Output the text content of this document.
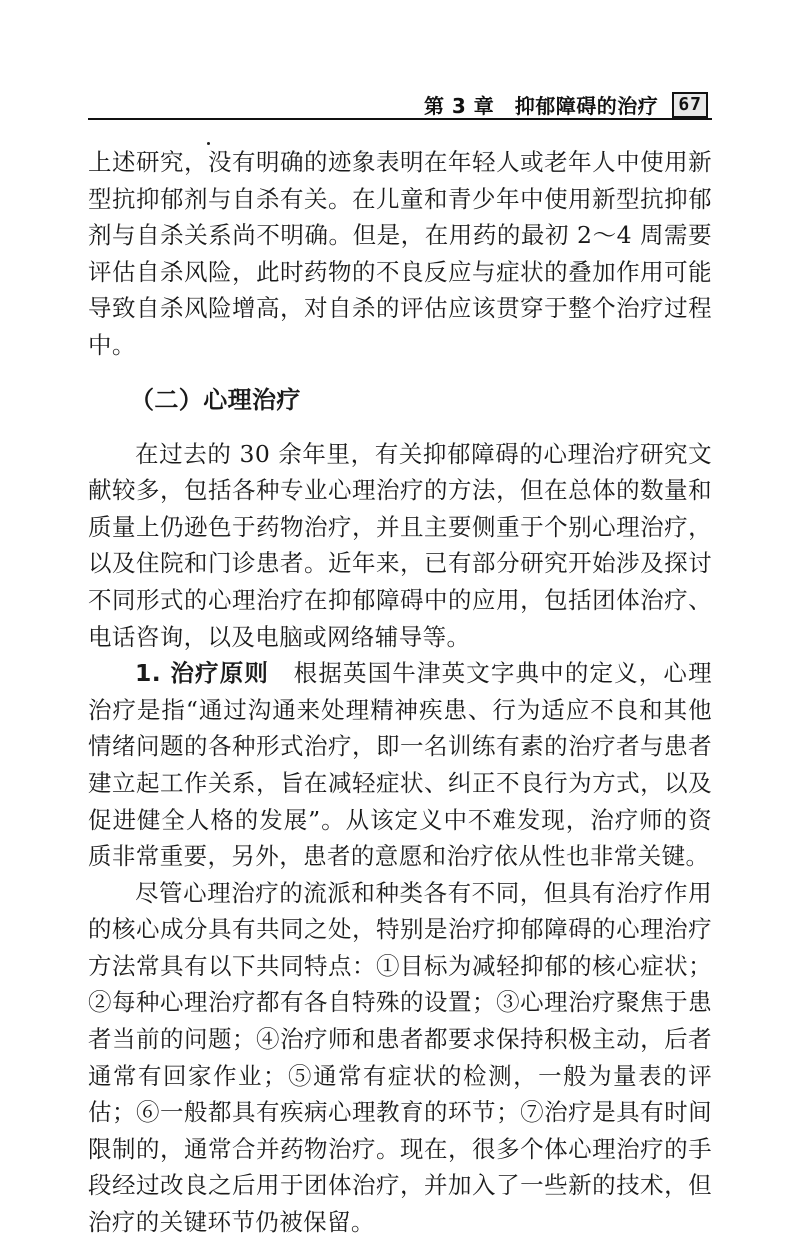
第 3 章　抑郁障碍的治疗	67

上述研究，没有明确的迹象表明在年轻人或老年人中使用新型抗抑郁剂与自杀有关。在儿童和青少年中使用新型抗抑郁剂与自杀关系尚不明确。但是，在用药的最初 2～4 周需要评估自杀风险，此时药物的不良反应与症状的叠加作用可能导致自杀风险增高，对自杀的评估应该贯穿于整个治疗过程中。

（二）心理治疗

在过去的 30 余年里，有关抑郁障碍的心理治疗研究文献较多，包括各种专业心理治疗的方法，但在总体的数量和质量上仍逊色于药物治疗，并且主要侧重于个别心理治疗，以及住院和门诊患者。近年来，已有部分研究开始涉及探讨不同形式的心理治疗在抑郁障碍中的应用，包括团体治疗、电话咨询，以及电脑或网络辅导等。

1. 治疗原则　 根据英国牛津英文字典中的定义，心理治疗是指“通过沟通来处理精神疾患、行为适应不良和其他情绪问题的各种形式治疗，即一名训练有素的治疗者与患者建立起工作关系，旨在减轻症状、纠正不良行为方式，以及促进健全人格的发展”。从该定义中不难发现，治疗师的资质非常重要，另外，患者的意愿和治疗依从性也非常关键。

尽管心理治疗的流派和种类各有不同，但具有治疗作用的核心成分具有共同之处，特别是治疗抑郁障碍的心理治疗方法常具有以下共同特点：①目标为减轻抑郁的核心症状；②每种心理治疗都有各自特殊的设置；③心理治疗聚焦于患者当前的问题；④治疗师和患者都要求保持积极主动，后者通常有回家作业；⑤通常有症状的检测，一般为量表的评估；⑥一般都具有疾病心理教育的环节；⑦治疗是具有时间限制的，通常合并药物治疗。现在，很多个体心理治疗的手段经过改良之后用于团体治疗，并加入了一些新的技术，但治疗的关键环节仍被保留。
